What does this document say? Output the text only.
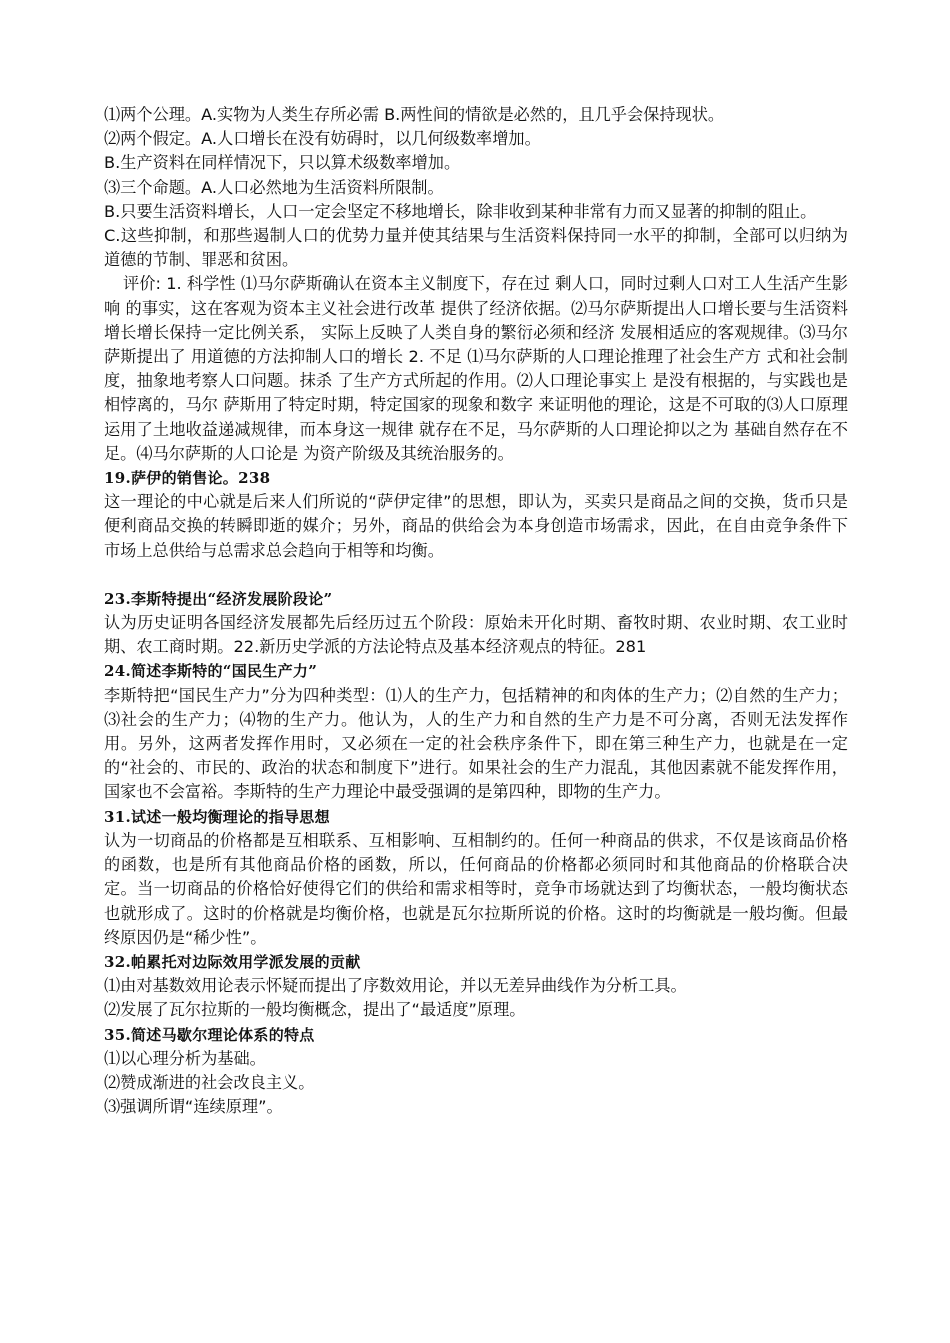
⑴两个公理。A.实物为人类生存所必需 B.两性间的情欲是必然的，且几乎会保持现状。

⑵两个假定。A.人口增长在没有妨碍时，以几何级数率增加。

B.生产资料在同样情况下，只以算术级数率增加。

⑶三个命题。A.人口必然地为生活资料所限制。

B.只要生活资料增长，人口一定会坚定不移地增长，除非收到某种非常有力而又显著的抑制的阻止。

C.这些抑制，和那些遏制人口的优势力量并使其结果与生活资料保持同一水平的抑制，全部可以归纳为道德的节制、罪恶和贫困。

评价: 1. 科学性 ⑴马尔萨斯确认在资本主义制度下，存在过 剩人口，同时过剩人口对工人生活产生影响 的事实，这在客观为资本主义社会进行改革 提供了经济依据。⑵马尔萨斯提出人口增长要与生活资料增长增长保持一定比例关系， 实际上反映了人类自身的繁衍必须和经济 发展相适应的客观规律。⑶马尔萨斯提出了 用道德的方法抑制人口的增长 2. 不足 ⑴马尔萨斯的人口理论推理了社会生产方 式和社会制度，抽象地考察人口问题。抹杀 了生产方式所起的作用。⑵人口理论事实上 是没有根据的，与实践也是相悖离的，马尔 萨斯用了特定时期，特定国家的现象和数字 来证明他的理论，这是不可取的⑶人口原理 运用了土地收益递减规律，而本身这一规律 就存在不足，马尔萨斯的人口理论抑以之为 基础自然存在不足。⑷马尔萨斯的人口论是 为资产阶级及其统治服务的。

19.萨伊的销售论。238

这一理论的中心就是后来人们所说的“萨伊定律”的思想，即认为，买卖只是商品之间的交换，货币只是便利商品交换的转瞬即逝的媒介；另外，商品的供给会为本身创造市场需求，因此，在自由竞争条件下市场上总供给与总需求总会趋向于相等和均衡。

23.李斯特提出“经济发展阶段论”

认为历史证明各国经济发展都先后经历过五个阶段：原始未开化时期、畜牧时期、农业时期、农工业时期、农工商时期。22.新历史学派的方法论特点及基本经济观点的特征。281

24.简述李斯特的“国民生产力”

李斯特把“国民生产力”分为四种类型：⑴人的生产力，包括精神的和肉体的生产力；⑵自然的生产力；⑶社会的生产力；⑷物的生产力。他认为，人的生产力和自然的生产力是不可分离，否则无法发挥作用。另外，这两者发挥作用时，又必须在一定的社会秩序条件下，即在第三种生产力，也就是在一定的“社会的、市民的、政治的状态和制度下”进行。如果社会的生产力混乱，其他因素就不能发挥作用，国家也不会富裕。李斯特的生产力理论中最受强调的是第四种，即物的生产力。

31.试述一般均衡理论的指导思想

认为一切商品的价格都是互相联系、互相影响、互相制约的。任何一种商品的供求，不仅是该商品价格的函数，也是所有其他商品价格的函数，所以，任何商品的价格都必须同时和其他商品的价格联合决定。当一切商品的价格恰好使得它们的供给和需求相等时，竞争市场就达到了均衡状态，一般均衡状态也就形成了。这时的价格就是均衡价格，也就是瓦尔拉斯所说的价格。这时的均衡就是一般均衡。但最终原因仍是“稀少性”。

32.帕累托对边际效用学派发展的贡献

⑴由对基数效用论表示怀疑而提出了序数效用论，并以无差异曲线作为分析工具。

⑵发展了瓦尔拉斯的一般均衡概念，提出了“最适度”原理。

35.简述马歇尔理论体系的特点

⑴以心理分析为基础。

⑵赞成渐进的社会改良主义。

⑶强调所谓“连续原理”。
